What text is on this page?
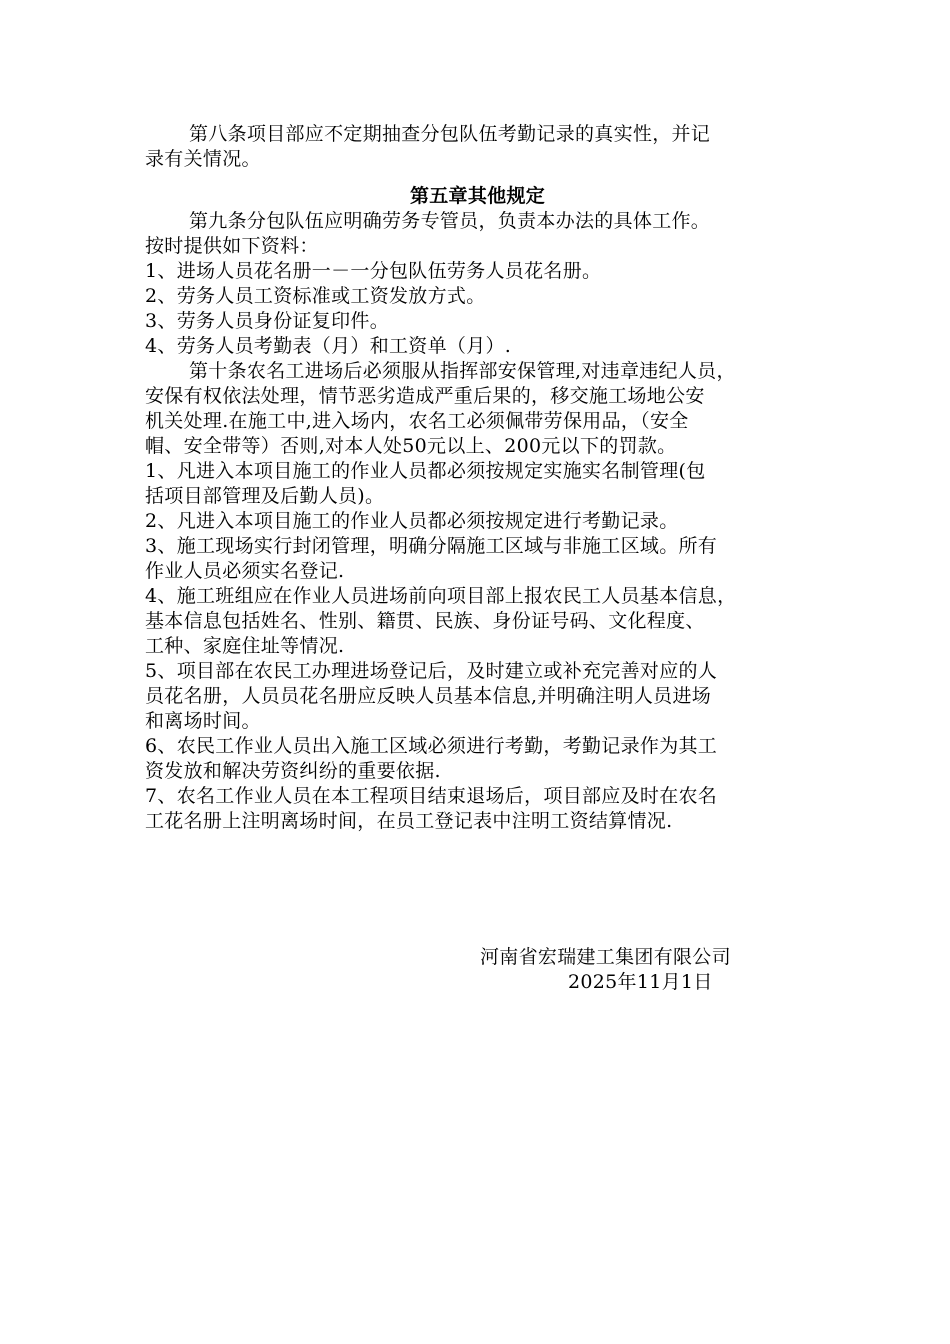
第八条项目部应不定期抽查分包队伍考勤记录的真实性，并记
录有关情况。
第五章其他规定
第九条分包队伍应明确劳务专管员，负责本办法的具体工作。
按时提供如下资料：
1、进场人员花名册一－一分包队伍劳务人员花名册。
2、劳务人员工资标准或工资发放方式。
3、劳务人员身份证复印件。
4、劳务人员考勤表（月）和工资单（月）.
第十条农名工进场后必须服从指挥部安保管理,对违章违纪人员，
安保有权依法处理，情节恶劣造成严重后果的，移交施工场地公安
机关处理.在施工中,进入场内，农名工必须佩带劳保用品，（安全
帽、安全带等）否则,对本人处50元以上、200元以下的罚款。
1、凡进入本项目施工的作业人员都必须按规定实施实名制管理(包
括项目部管理及后勤人员)。
2、凡进入本项目施工的作业人员都必须按规定进行考勤记录。
3、施工现场实行封闭管理，明确分隔施工区域与非施工区域。所有
作业人员必须实名登记.
4、施工班组应在作业人员进场前向项目部上报农民工人员基本信息，
基本信息包括姓名、性别、籍贯、民族、身份证号码、文化程度、
工种、家庭住址等情况.
5、项目部在农民工办理进场登记后，及时建立或补充完善对应的人
员花名册，人员员花名册应反映人员基本信息,并明确注明人员进场
和离场时间。
6、农民工作业人员出入施工区域必须进行考勤，考勤记录作为其工
资发放和解决劳资纠纷的重要依据.
7、农名工作业人员在本工程项目结束退场后，项目部应及时在农名
工花名册上注明离场时间，在员工登记表中注明工资结算情况.
河南省宏瑞建工集团有限公司
2025年11月1日
